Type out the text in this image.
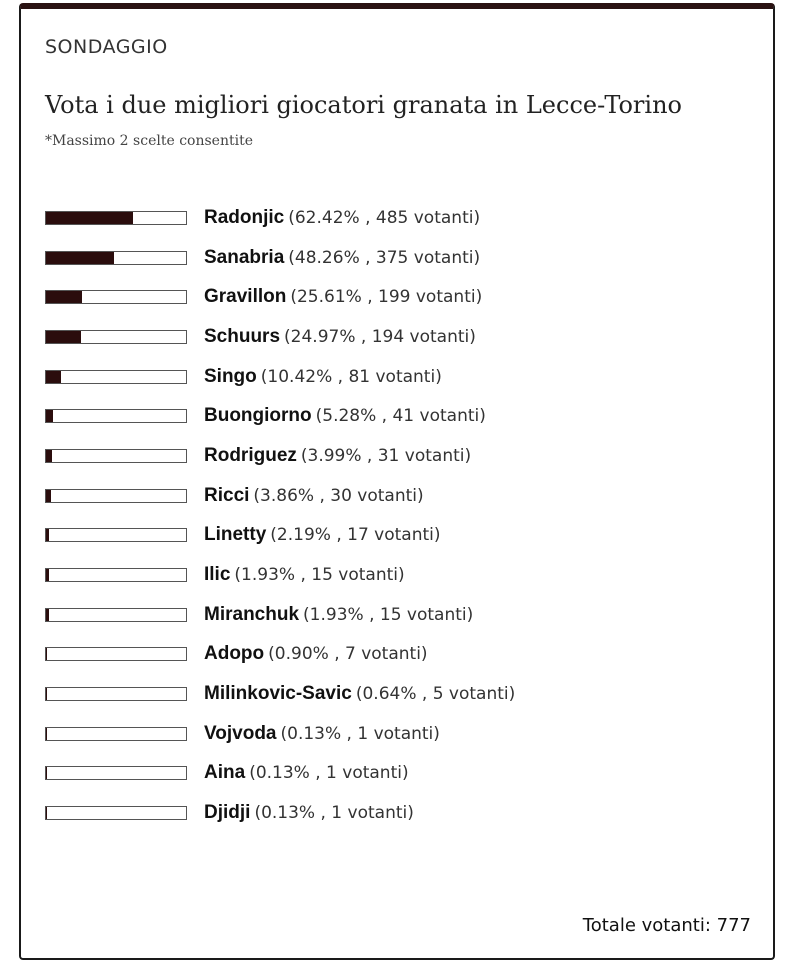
SONDAGGIO
Vota i due migliori giocatori granata in Lecce-Torino
*Massimo 2 scelte consentite
Radonjic (62.42% , 485 votanti)
Sanabria (48.26% , 375 votanti)
Gravillon (25.61% , 199 votanti)
Schuurs (24.97% , 194 votanti)
Singo (10.42% , 81 votanti)
Buongiorno (5.28% , 41 votanti)
Rodriguez (3.99% , 31 votanti)
Ricci (3.86% , 30 votanti)
Linetty (2.19% , 17 votanti)
Ilic (1.93% , 15 votanti)
Miranchuk (1.93% , 15 votanti)
Adopo (0.90% , 7 votanti)
Milinkovic-Savic (0.64% , 5 votanti)
Vojvoda (0.13% , 1 votanti)
Aina (0.13% , 1 votanti)
Djidji (0.13% , 1 votanti)
Totale votanti: 777
